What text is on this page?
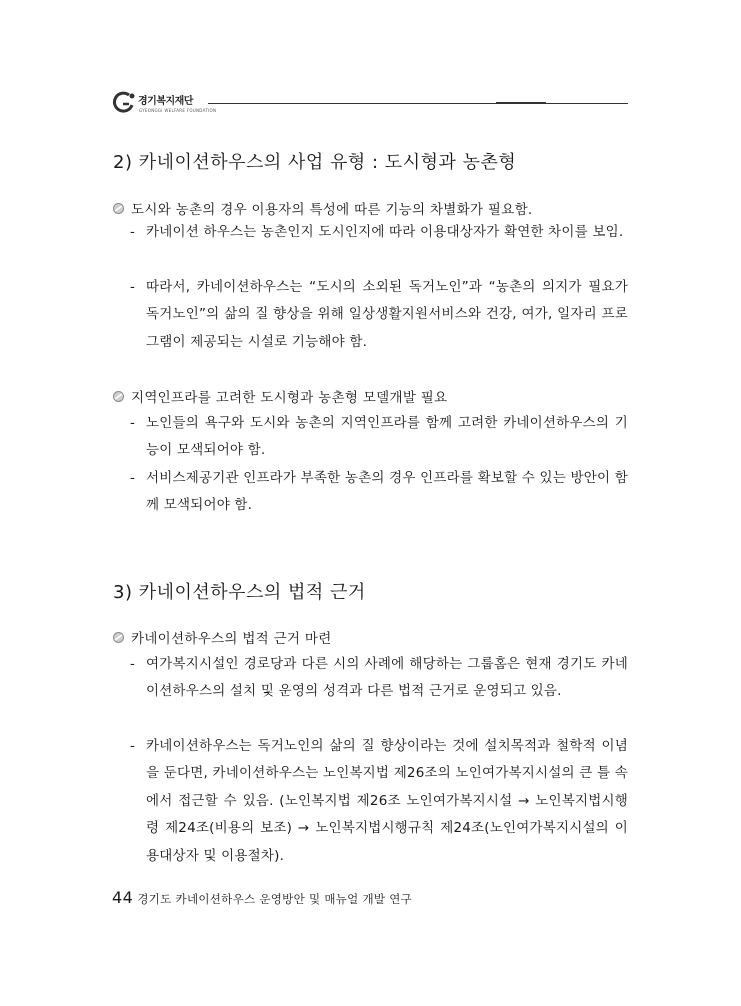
경기복지재단
GYEONGGI WELFARE FOUNDATION
2) 카네이션하우스의 사업 유형 : 도시형과 농촌형
도시와 농촌의 경우 이용자의 특성에 따른 기능의 차별화가 필요함.
- 카네이션 하우스는 농촌인지 도시인지에 따라 이용대상자가 확연한 차이를 보임.
- 따라서, 카네이션하우스는 “도시의 소외된 독거노인”과 “농촌의 의지가 필요가 독거노인”의 삶의 질 향상을 위해 일상생활지원서비스와 건강, 여가, 일자리 프로그램이 제공되는 시설로 기능해야 함.
지역인프라를 고려한 도시형과 농촌형 모델개발 필요
- 노인들의 욕구와 도시와 농촌의 지역인프라를 함께 고려한 카네이션하우스의 기능이 모색되어야 함.
- 서비스제공기관 인프라가 부족한 농촌의 경우 인프라를 확보할 수 있는 방안이 함께 모색되어야 함.
3) 카네이션하우스의 법적 근거
카네이션하우스의 법적 근거 마련
- 여가복지시설인 경로당과 다른 시의 사례에 해당하는 그룹홈은 현재 경기도 카네이션하우스의 설치 및 운영의 성격과 다른 법적 근거로 운영되고 있음.
- 카네이션하우스는 독거노인의 삶의 질 향상이라는 것에 설치목적과 철학적 이념을 둔다면, 카네이션하우스는 노인복지법 제26조의 노인여가복지시설의 큰 틀 속에서 접근할 수 있음. (노인복지법 제26조 노인여가복지시설 → 노인복지법시행령 제24조(비용의 보조) → 노인복지법시행규칙 제24조(노인여가복지시설의 이용대상자 및 이용절차).
44 경기도 카네이션하우스 운영방안 및 매뉴얼 개발 연구
